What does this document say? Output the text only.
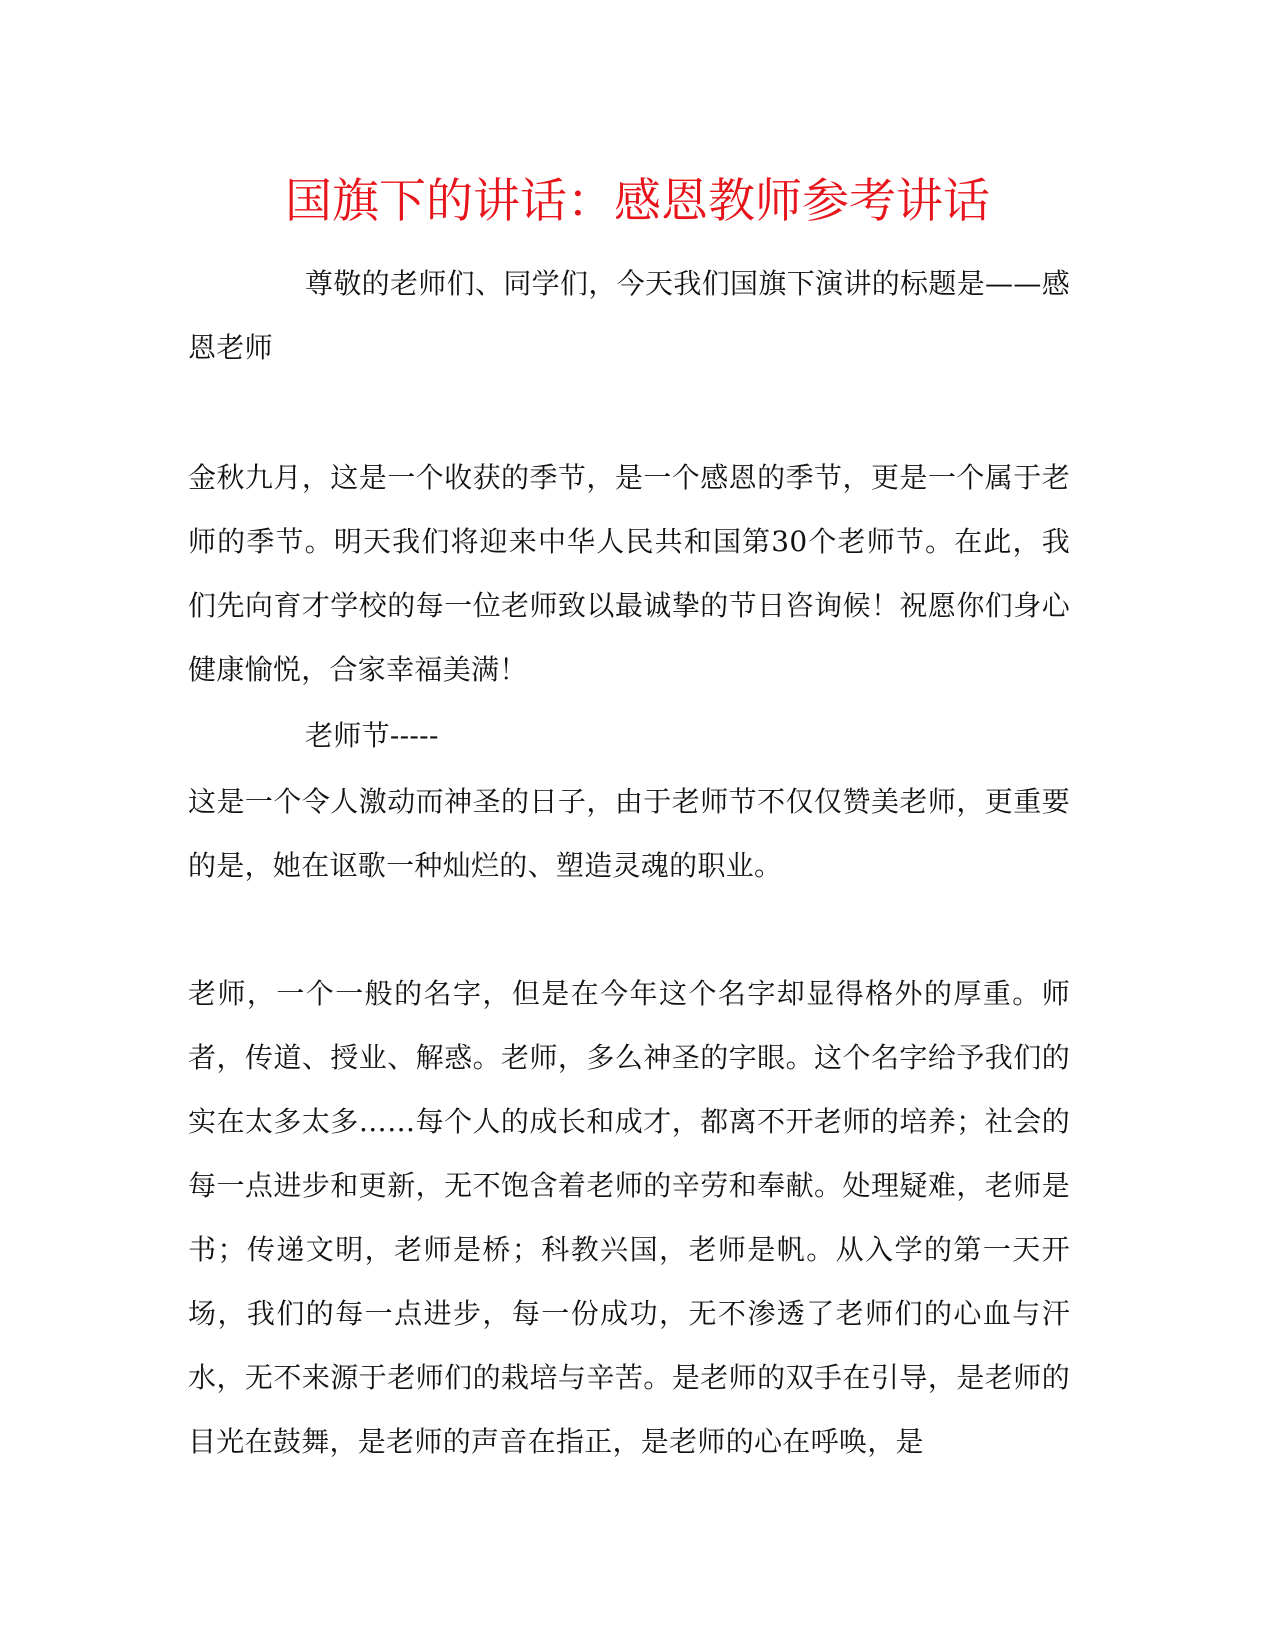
国旗下的讲话：感恩教师参考讲话

尊敬的老师们、同学们，今天我们国旗下演讲的标题是——感恩老师

金秋九月，这是一个收获的季节，是一个感恩的季节，更是一个属于老师的季节。明天我们将迎来中华人民共和国第30个老师节。在此，我们先向育才学校的每一位老师致以最诚挚的节日咨询候！祝愿你们身心健康愉悦，合家幸福美满！

老师节-----

这是一个令人激动而神圣的日子，由于老师节不仅仅赞美老师，更重要的是，她在讴歌一种灿烂的、塑造灵魂的职业。

老师，一个一般的名字，但是在今年这个名字却显得格外的厚重。师者，传道、授业、解惑。老师，多么神圣的字眼。这个名字给予我们的实在太多太多……每个人的成长和成才，都离不开老师的培养；社会的每一点进步和更新，无不饱含着老师的辛劳和奉献。处理疑难，老师是书；传递文明，老师是桥；科教兴国，老师是帆。从入学的第一天开场，我们的每一点进步，每一份成功，无不渗透了老师们的心血与汗水，无不来源于老师们的栽培与辛苦。是老师的双手在引导，是老师的目光在鼓舞，是老师的声音在指正，是老师的心在呼唤，是
